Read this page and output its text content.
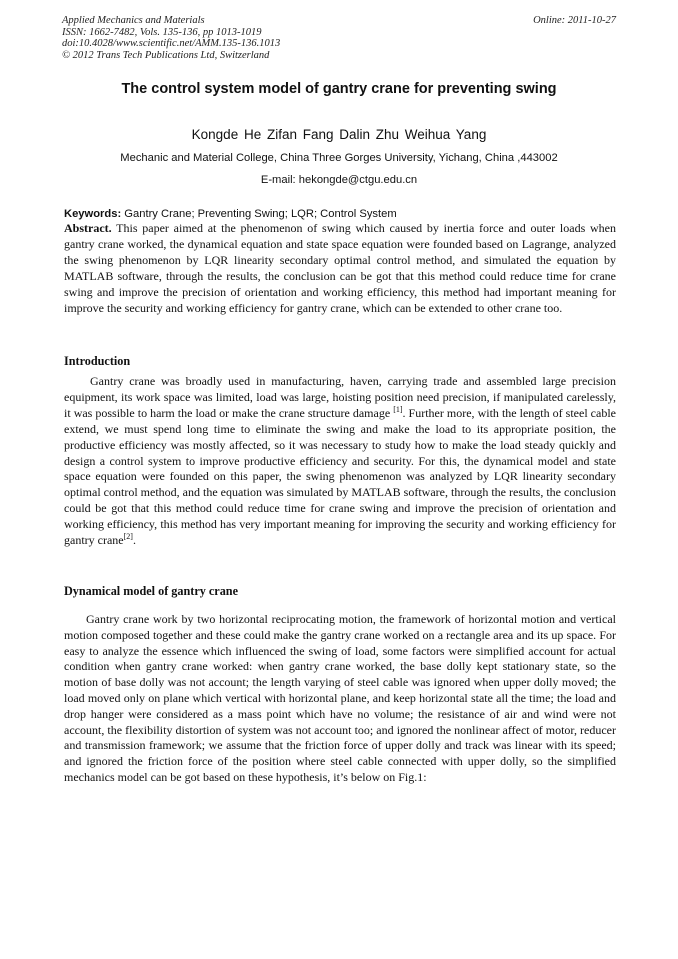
Applied Mechanics and Materials
ISSN: 1662-7482, Vols. 135-136, pp 1013-1019
doi:10.4028/www.scientific.net/AMM.135-136.1013
© 2012 Trans Tech Publications Ltd, Switzerland
Online: 2011-10-27
The control system model of gantry crane for preventing swing
Kongde He Zifan Fang Dalin Zhu Weihua Yang
Mechanic and Material College, China Three Gorges University, Yichang, China ,443002
E-mail: hekongde@ctgu.edu.cn
Keywords: Gantry Crane; Preventing Swing; LQR; Control System
Abstract. This paper aimed at the phenomenon of swing which caused by inertia force and outer loads when gantry crane worked, the dynamical equation and state space equation were founded based on Lagrange, analyzed the swing phenomenon by LQR linearity secondary optimal control method, and simulated the equation by MATLAB software, through the results, the conclusion can be got that this method could reduce time for crane swing and improve the precision of orientation and working efficiency, this method had important meaning for improve the security and working efficiency for gantry crane, which can be extended to other crane too.
Introduction
Gantry crane was broadly used in manufacturing, haven, carrying trade and assembled large precision equipment, its work space was limited, load was large, hoisting position need precision, if manipulated carelessly, it was possible to harm the load or make the crane structure damage [1]. Further more, with the length of steel cable extend, we must spend long time to eliminate the swing and make the load to its appropriate position, the productive efficiency was mostly affected, so it was necessary to study how to make the load steady quickly and design a control system to improve productive efficiency and security. For this, the dynamical model and state space equation were founded on this paper, the swing phenomenon was analyzed by LQR linearity secondary optimal control method, and the equation was simulated by MATLAB software, through the results, the conclusion could be got that this method could reduce time for crane swing and improve the precision of orientation and working efficiency, this method has very important meaning for improving the security and working efficiency for gantry crane[2].
Dynamical model of gantry crane
Gantry crane work by two horizontal reciprocating motion, the framework of horizontal motion and vertical motion composed together and these could make the gantry crane worked on a rectangle area and its up space. For easy to analyze the essence which influenced the swing of load, some factors were simplified account for actual condition when gantry crane worked: when gantry crane worked, the base dolly kept stationary state, so the motion of base dolly was not account; the length varying of steel cable was ignored when upper dolly moved; the load moved only on plane which vertical with horizontal plane, and keep horizontal state all the time; the load and drop hanger were considered as a mass point which have no volume; the resistance of air and wind were not account, the flexibility distortion of system was not account too; and ignored the nonlinear affect of motor, reducer and transmission framework; we assume that the friction force of upper dolly and track was linear with its speed; and ignored the friction force of the position where steel cable connected with upper dolly, so the simplified mechanics model can be got based on these hypothesis, it’s below on Fig.1:
